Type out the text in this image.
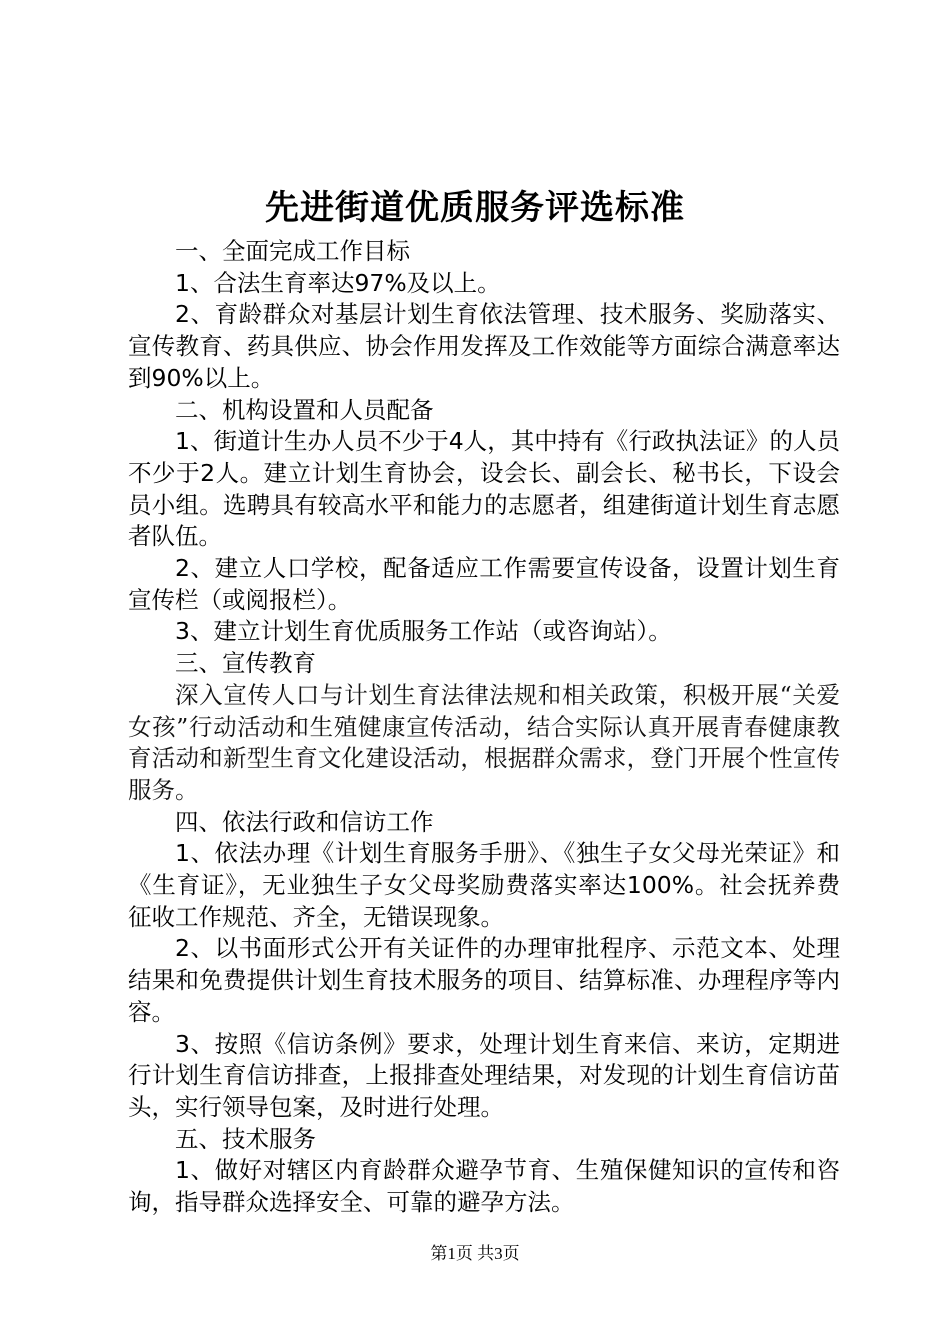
先进街道优质服务评选标准

一、全面完成工作目标

1、合法生育率达97%及以上。

2、育龄群众对基层计划生育依法管理、技术服务、奖励落实、宣传教育、药具供应、协会作用发挥及工作效能等方面综合满意率达到90%以上。

二、机构设置和人员配备

1、街道计生办人员不少于4人，其中持有《行政执法证》的人员不少于2人。建立计划生育协会，设会长、副会长、秘书长，下设会员小组。选聘具有较高水平和能力的志愿者，组建街道计划生育志愿者队伍。

2、建立人口学校，配备适应工作需要宣传设备，设置计划生育宣传栏（或阅报栏）。

3、建立计划生育优质服务工作站（或咨询站）。

三、宣传教育

深入宣传人口与计划生育法律法规和相关政策，积极开展“关爱女孩”行动活动和生殖健康宣传活动，结合实际认真开展青春健康教育活动和新型生育文化建设活动，根据群众需求，登门开展个性宣传服务。

四、依法行政和信访工作

1、依法办理《计划生育服务手册》、《独生子女父母光荣证》和《生育证》，无业独生子女父母奖励费落实率达100%。社会抚养费征收工作规范、齐全，无错误现象。

2、以书面形式公开有关证件的办理审批程序、示范文本、处理结果和免费提供计划生育技术服务的项目、结算标准、办理程序等内容。

3、按照《信访条例》要求，处理计划生育来信、来访，定期进行计划生育信访排查，上报排查处理结果，对发现的计划生育信访苗头，实行领导包案，及时进行处理。

五、技术服务

1、做好对辖区内育龄群众避孕节育、生殖保健知识的宣传和咨询，指导群众选择安全、可靠的避孕方法。

第1页 共3页
